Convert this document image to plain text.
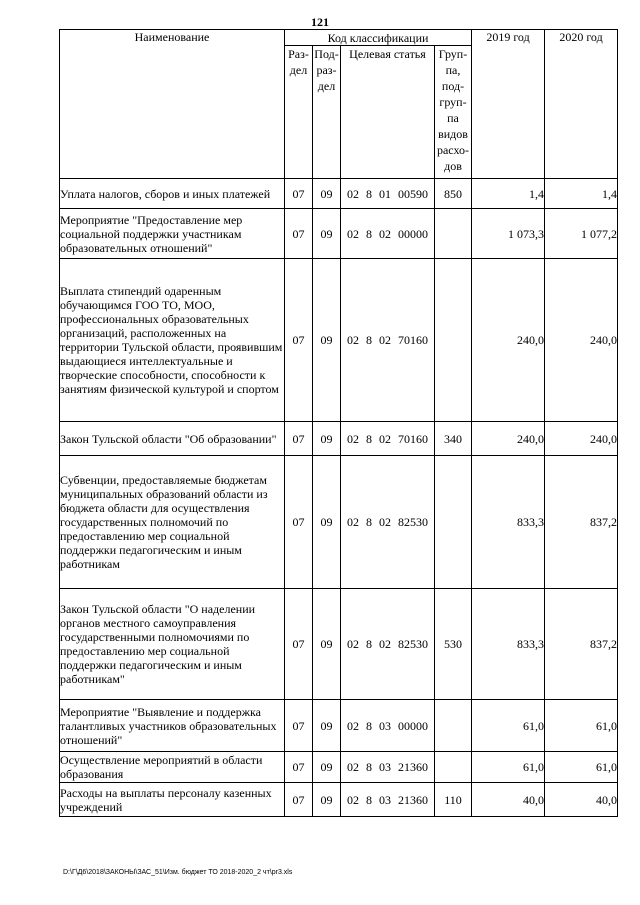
121
Наименование	Код классификации				2019 год	2020 год
	Раз-дел	Под-раз-дел	Целевая статья	Груп-па, под-груп-па видов расхо-дов		
Уплата налогов, сборов и иных платежей	07	09	02 8 01 00590	850	1,4	1,4
Мероприятие "Предоставление мер социальной поддержки участникам образовательных отношений"	07	09	02 8 02 00000		1 073,3	1 077,2
Выплата стипендий одаренным обучающимся ГОО ТО, МОО, профессиональных образовательных организаций, расположенных на территории Тульской области, проявившим выдающиеся интеллектуальные и творческие способности, способности к занятиям физической культурой и спортом	07	09	02 8 02 70160		240,0	240,0
Закон Тульской области "Об образовании"	07	09	02 8 02 70160	340	240,0	240,0
Субвенции, предоставляемые бюджетам муниципальных образований области из бюджета области для осуществления государственных полномочий по предоставлению мер социальной поддержки педагогическим и иным работникам	07	09	02 8 02 82530		833,3	837,2
Закон Тульской области "О наделении органов местного самоуправления государственными полномочиями по предоставлению мер социальной поддержки педагогическим и иным работникам"	07	09	02 8 02 82530	530	833,3	837,2
Мероприятие "Выявление и поддержка талантливых участников образовательных отношений"	07	09	02 8 03 00000		61,0	61,0
Осуществление мероприятий в области образования	07	09	02 8 03 21360		61,0	61,0
Расходы на выплаты персоналу казенных учреждений	07	09	02 8 03 21360	110	40,0	40,0
D:\Г\Д6\2018\ЗАКОНЫ\ЗАС_51\Изм. бюджет ТО 2018-2020_2 чт\pr3.xls
